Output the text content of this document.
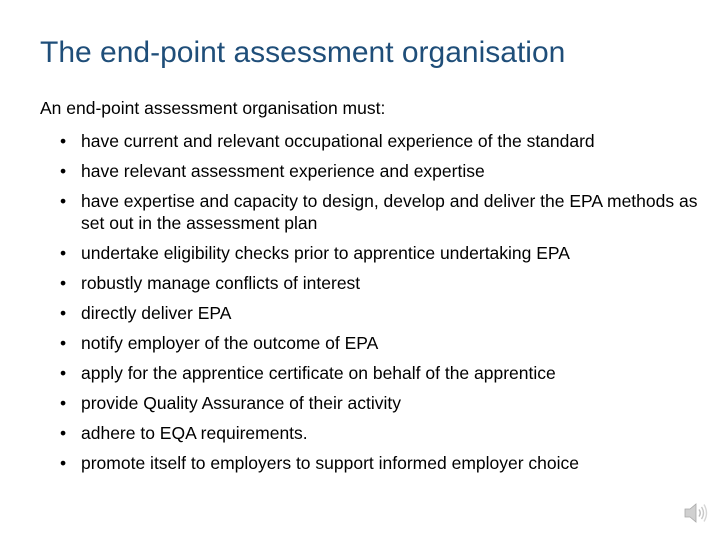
The end-point assessment organisation
An end-point assessment organisation must:
• have current and relevant occupational experience of the standard
• have relevant assessment experience and expertise
• have expertise and capacity to design, develop and deliver the EPA methods as set out in the assessment plan
• undertake eligibility checks prior to apprentice undertaking EPA
• robustly manage conflicts of interest
• directly deliver EPA
• notify employer of the outcome of EPA
• apply for the apprentice certificate on behalf of the apprentice
• provide Quality Assurance of their activity
• adhere to EQA requirements.
• promote itself to employers to support informed employer choice
